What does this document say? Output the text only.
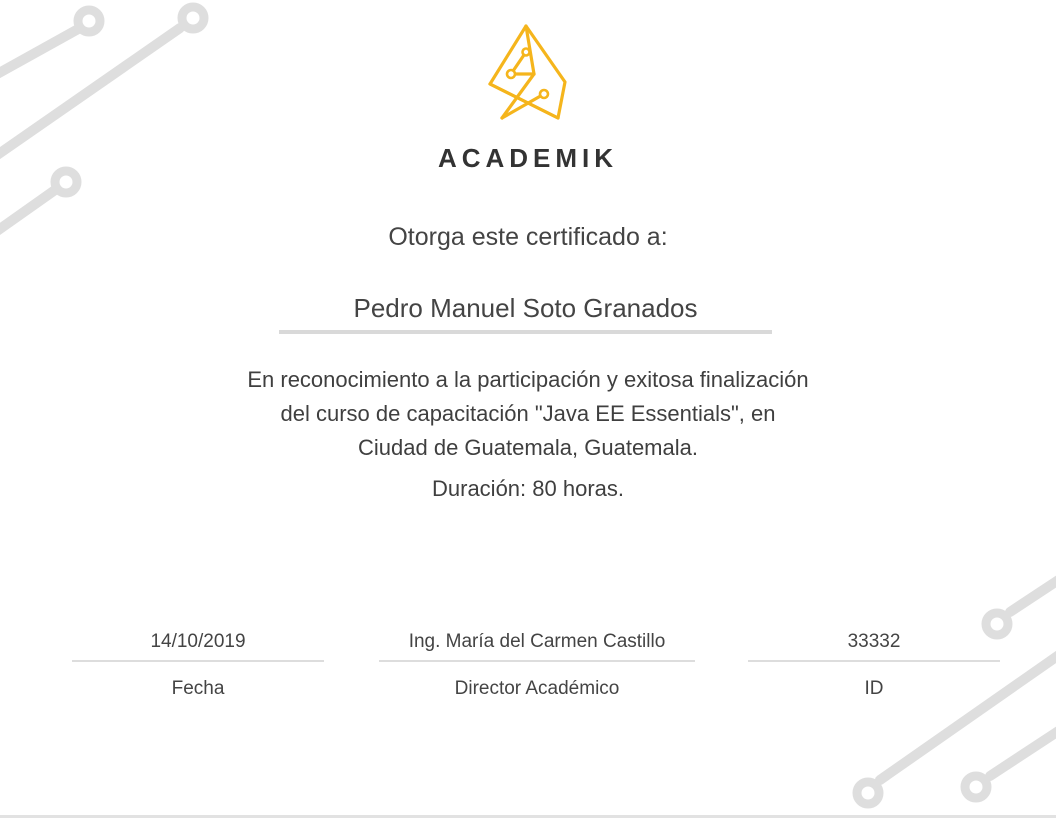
ACADEMIK
Otorga este certificado a:
Pedro Manuel Soto Granados
En reconocimiento a la participación y exitosa finalización
del curso de capacitación "Java EE Essentials", en
Ciudad de Guatemala, Guatemala.
Duración: 80 horas.
14/10/2019
Fecha
Ing. María del Carmen Castillo
Director Académico
33332
ID
